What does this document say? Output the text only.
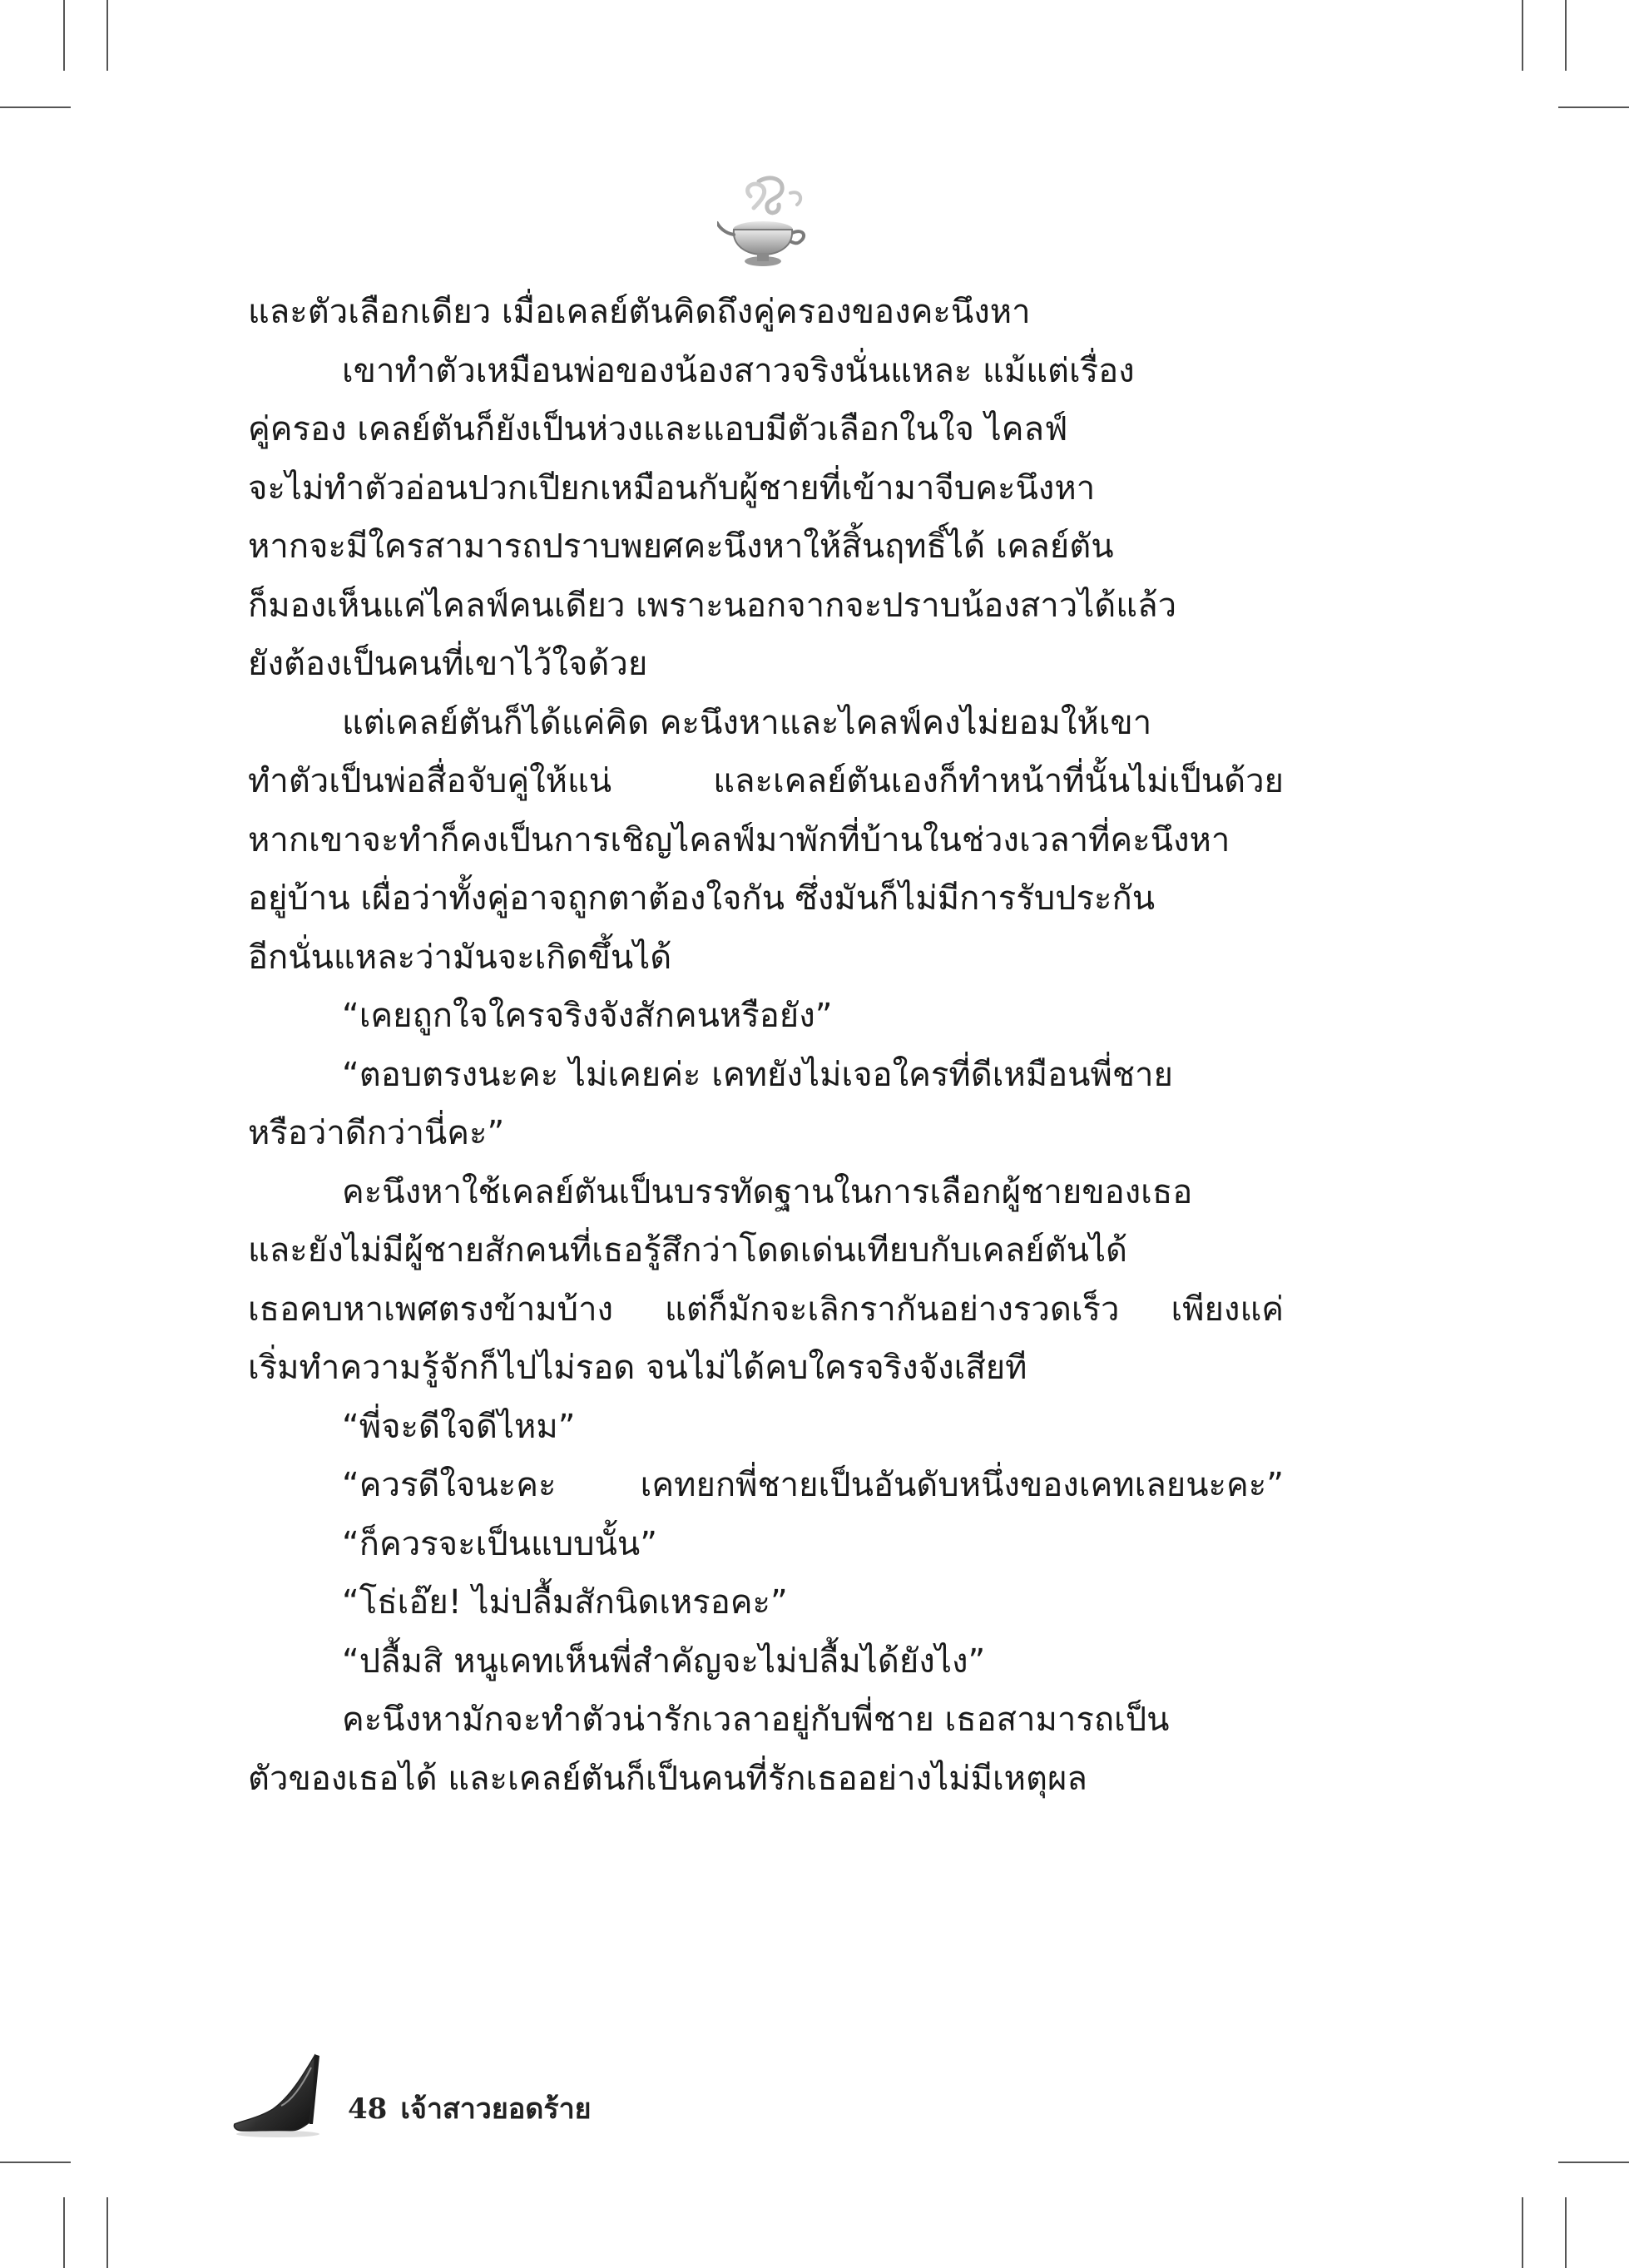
และตัวเลือกเดียว เมื่อเคลย์ตันคิดถึงคู่ครองของคะนึงหา
เขาทำตัวเหมือนพ่อของน้องสาวจริงนั่นแหละ แม้แต่เรื่อง
คู่ครอง เคลย์ตันก็ยังเป็นห่วงและแอบมีตัวเลือกในใจ ไคลฟ์
จะไม่ทำตัวอ่อนปวกเปียกเหมือนกับผู้ชายที่เข้ามาจีบคะนึงหา
หากจะมีใครสามารถปราบพยศคะนึงหาให้สิ้นฤทธิ์ได้ เคลย์ตัน
ก็มองเห็นแค่ไคลฟ์คนเดียว เพราะนอกจากจะปราบน้องสาวได้แล้ว
ยังต้องเป็นคนที่เขาไว้ใจด้วย
แต่เคลย์ตันก็ได้แค่คิด คะนึงหาและไคลฟ์คงไม่ยอมให้เขา
ทำตัวเป็นพ่อสื่อจับคู่ให้แน่ และเคลย์ตันเองก็ทำหน้าที่นั้นไม่เป็นด้วย
หากเขาจะทำก็คงเป็นการเชิญไคลฟ์มาพักที่บ้านในช่วงเวลาที่คะนึงหา
อยู่บ้าน เผื่อว่าทั้งคู่อาจถูกตาต้องใจกัน ซึ่งมันก็ไม่มีการรับประกัน
อีกนั่นแหละว่ามันจะเกิดขึ้นได้
“เคยถูกใจใครจริงจังสักคนหรือยัง”
“ตอบตรงนะคะ ไม่เคยค่ะ เคทยังไม่เจอใครที่ดีเหมือนพี่ชาย
หรือว่าดีกว่านี่คะ”
คะนึงหาใช้เคลย์ตันเป็นบรรทัดฐานในการเลือกผู้ชายของเธอ
และยังไม่มีผู้ชายสักคนที่เธอรู้สึกว่าโดดเด่นเทียบกับเคลย์ตันได้
เธอคบหาเพศตรงข้ามบ้าง แต่ก็มักจะเลิกรากันอย่างรวดเร็ว เพียงแค่
เริ่มทำความรู้จักก็ไปไม่รอด จนไม่ได้คบใครจริงจังเสียที
“พี่จะดีใจดีไหม”
“ควรดีใจนะคะ เคทยกพี่ชายเป็นอันดับหนึ่งของเคทเลยนะคะ”
“ก็ควรจะเป็นแบบนั้น”
“โธ่เอ๊ย! ไม่ปลื้มสักนิดเหรอคะ”
“ปลื้มสิ หนูเคทเห็นพี่สำคัญจะไม่ปลื้มได้ยังไง”
คะนึงหามักจะทำตัวน่ารักเวลาอยู่กับพี่ชาย เธอสามารถเป็น
ตัวของเธอได้ และเคลย์ตันก็เป็นคนที่รักเธออย่างไม่มีเหตุผล
48 เจ้าสาวยอดร้าย
